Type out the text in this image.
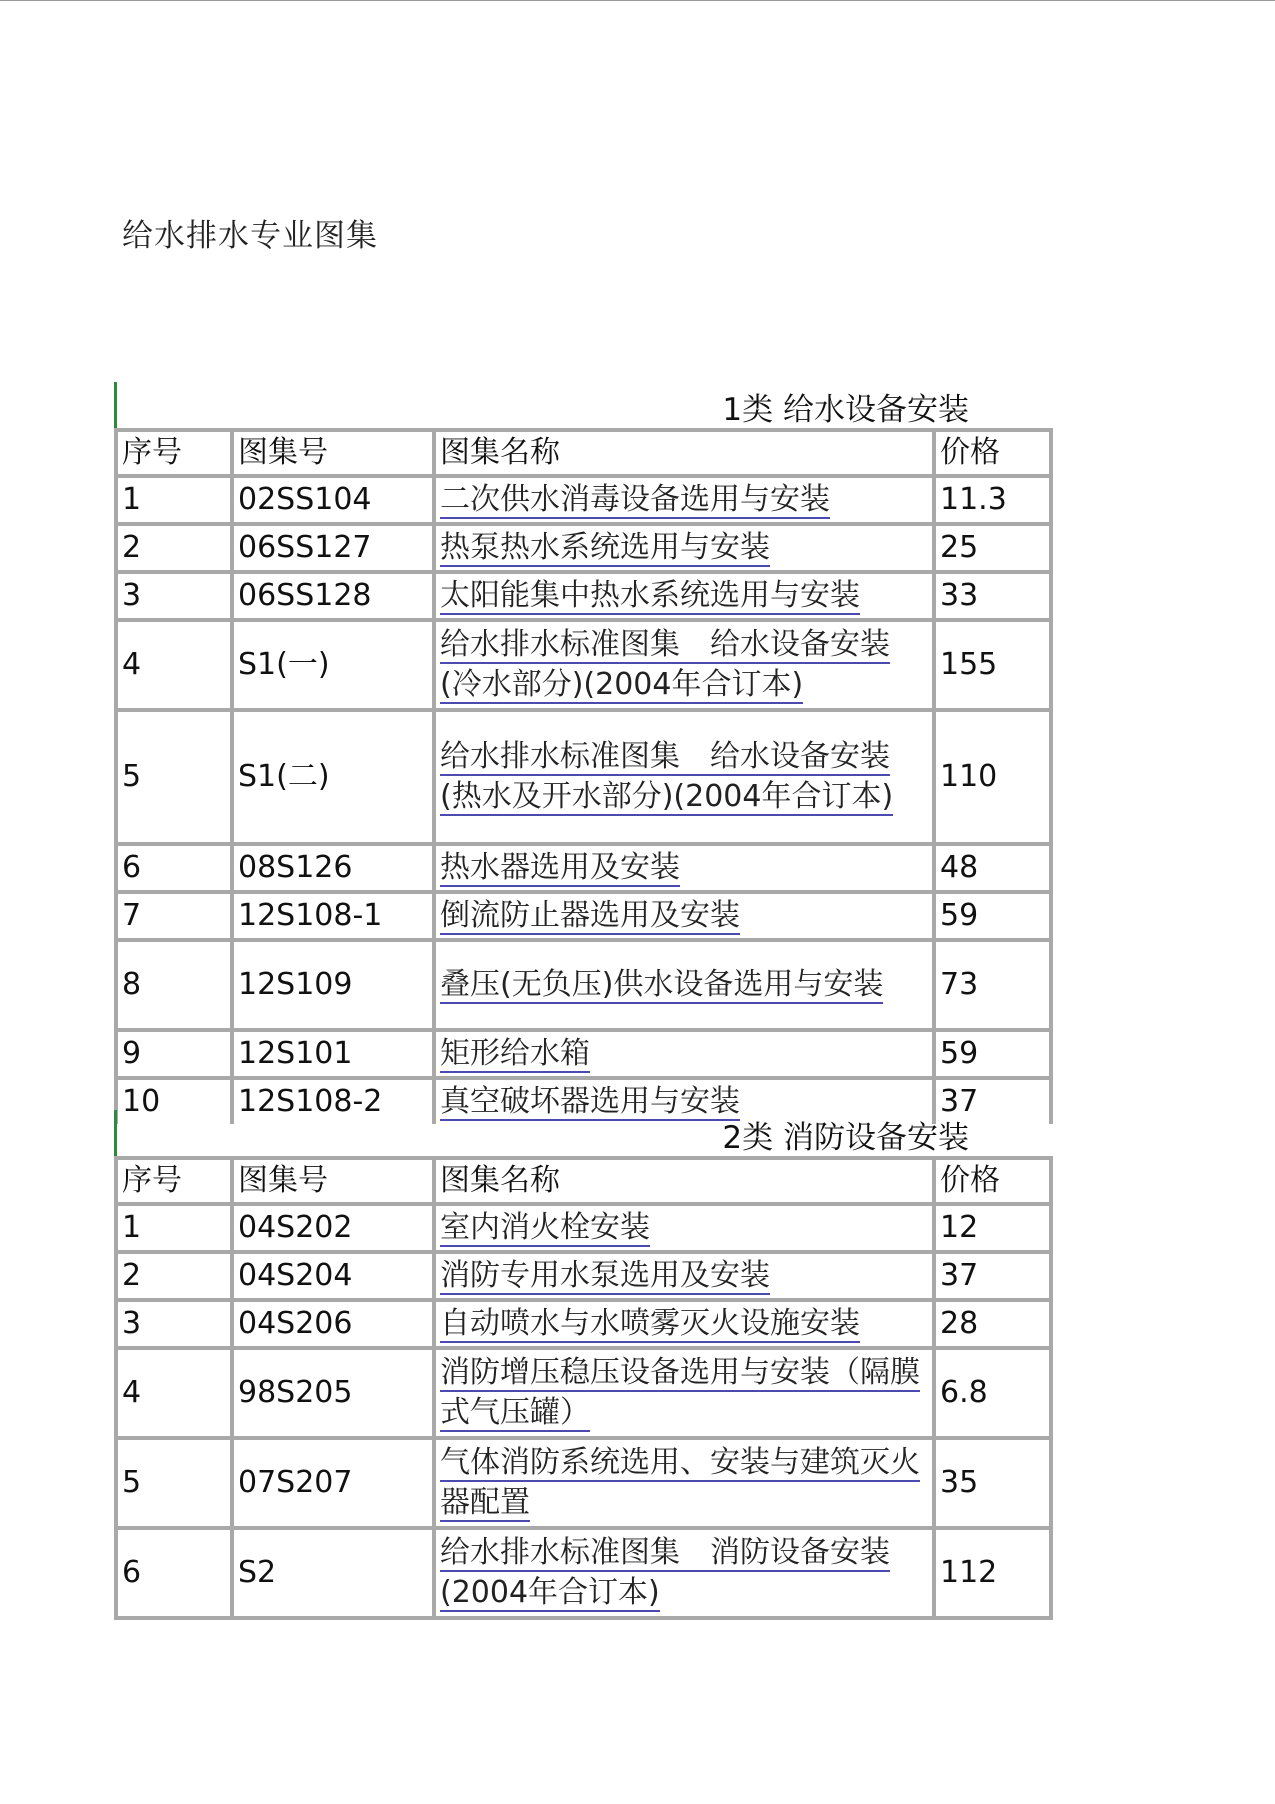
给水排水专业图集
1类 给水设备安装
序号	图集号	图集名称	价格
1	02SS104	二次供水消毒设备选用与安装	11.3
2	06SS127	热泵热水系统选用与安装	25
3	06SS128	太阳能集中热水系统选用与安装	33
4	S1(一)	给水排水标准图集　给水设备安装(冷水部分)(2004年合订本)	155
5	S1(二)	给水排水标准图集　给水设备安装(热水及开水部分)(2004年合订本)	110
6	08S126	热水器选用及安装	48
7	12S108-1	倒流防止器选用及安装	59
8	12S109	叠压(无负压)供水设备选用与安装	73
9	12S101	矩形给水箱	59
10	12S108-2	真空破坏器选用与安装	37
2类 消防设备安装
序号	图集号	图集名称	价格
1	04S202	室内消火栓安装	12
2	04S204	消防专用水泵选用及安装	37
3	04S206	自动喷水与水喷雾灭火设施安装	28
4	98S205	消防增压稳压设备选用与安装（隔膜式气压罐）	6.8
5	07S207	气体消防系统选用、安装与建筑灭火器配置	35
6	S2	给水排水标准图集　消防设备安装(2004年合订本)	112
